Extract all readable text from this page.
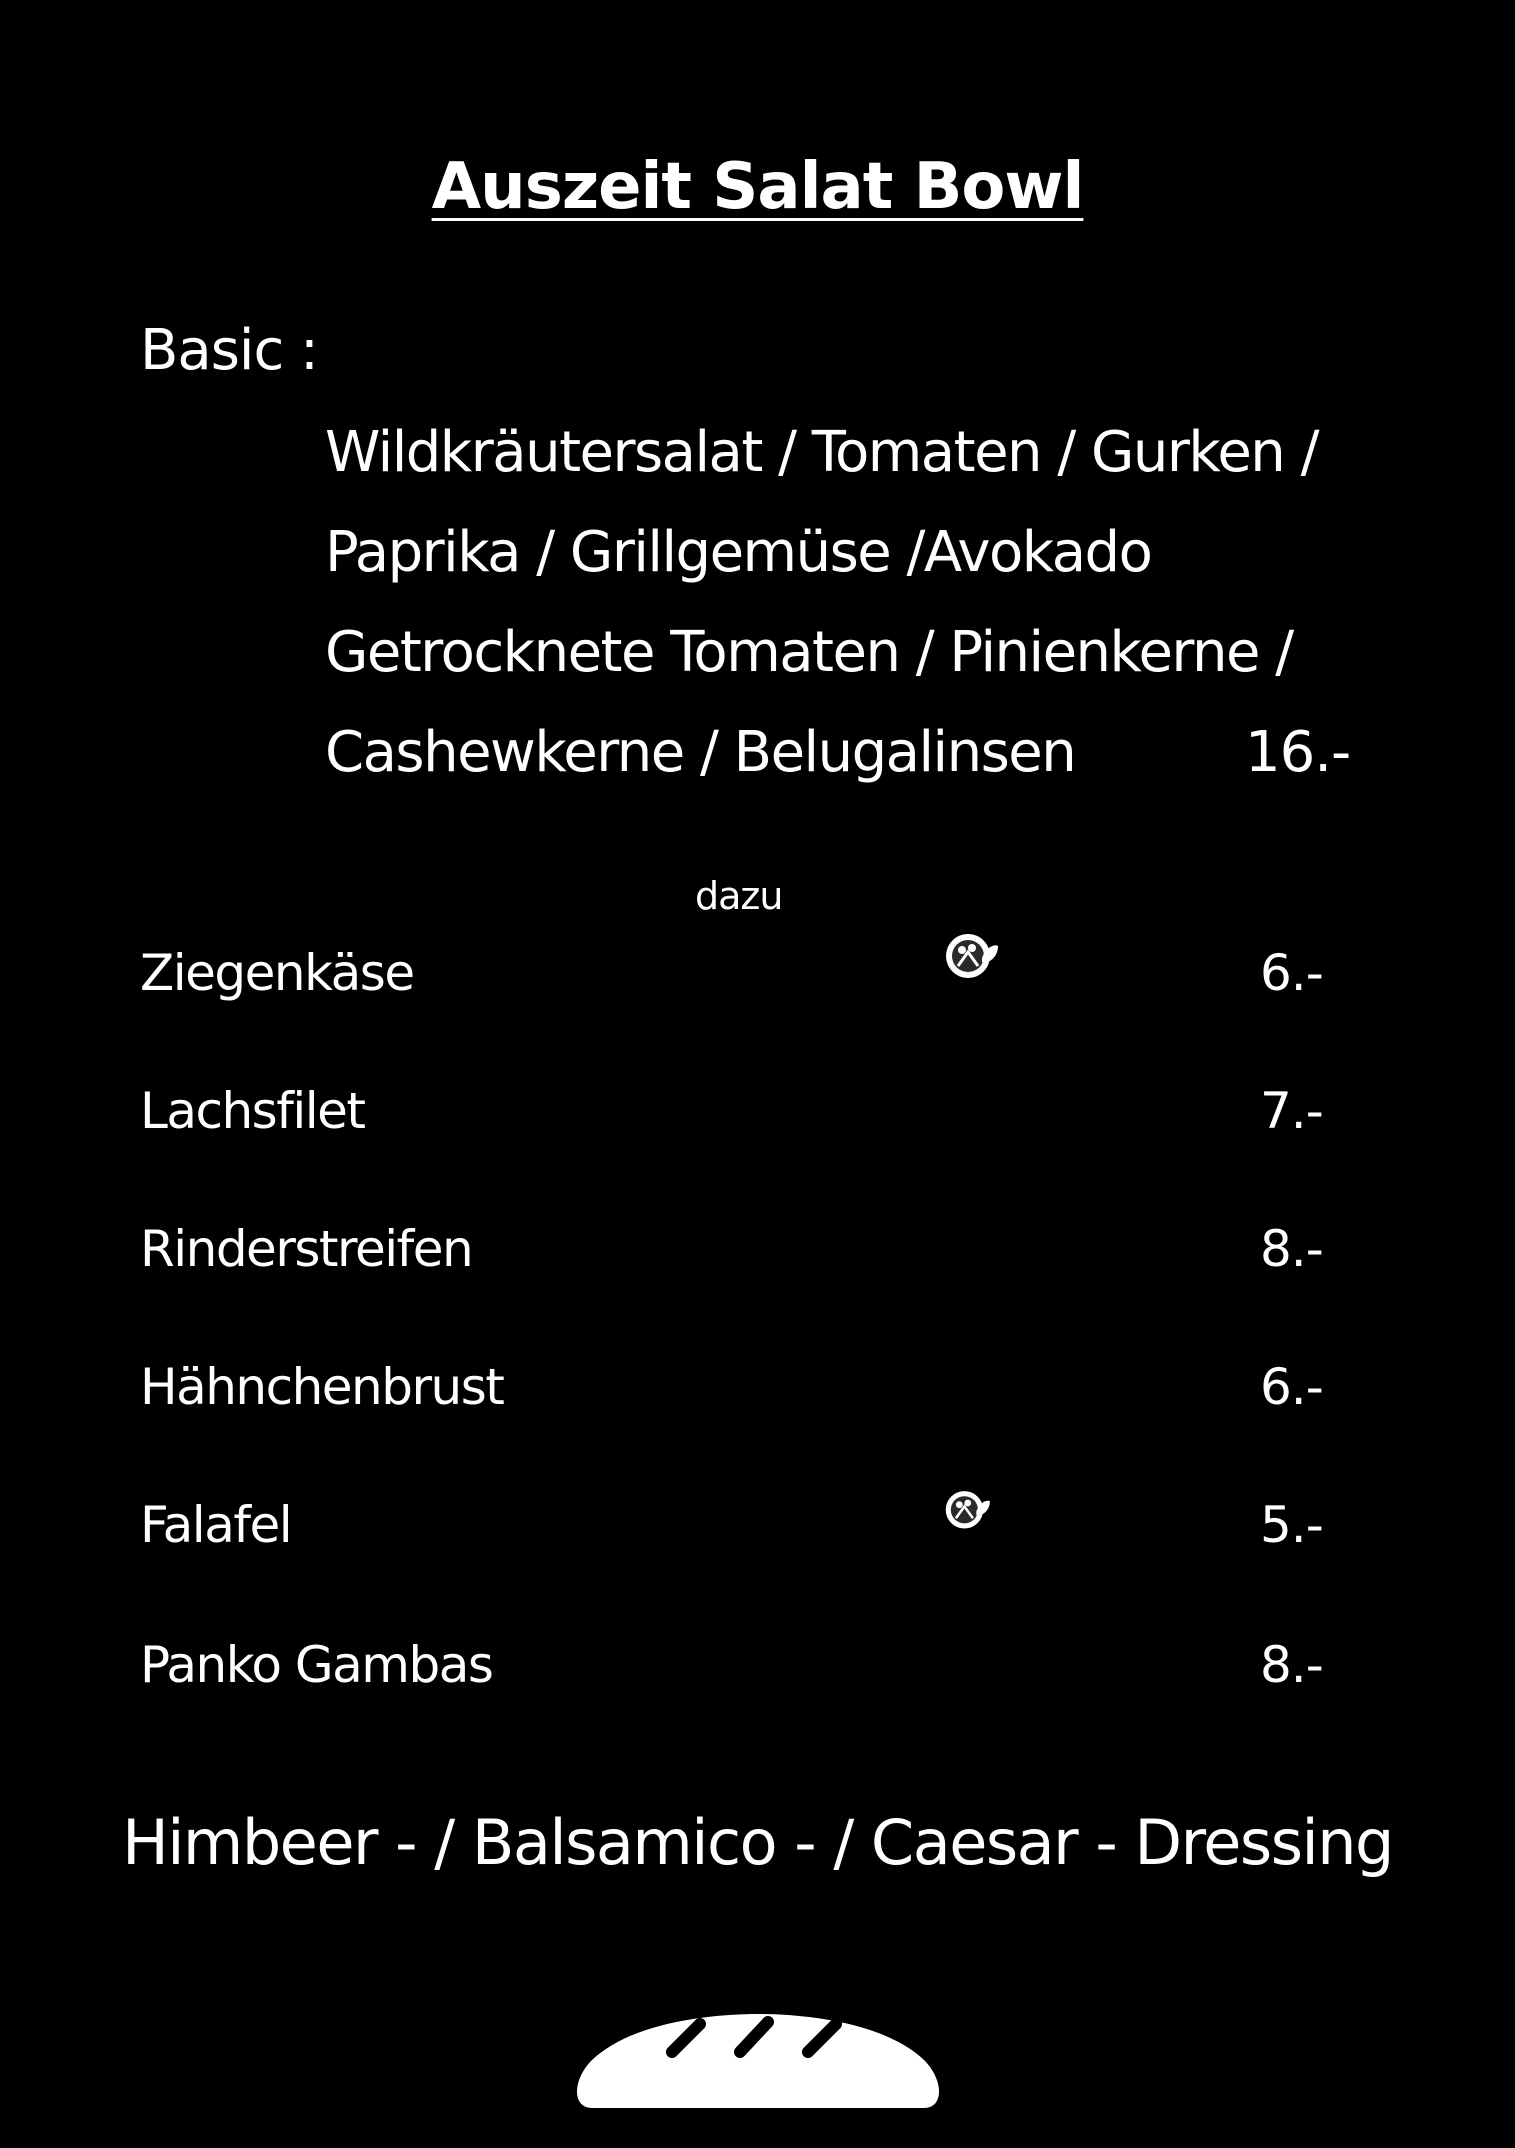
Auszeit Salat Bowl
Basic :
Wildkräutersalat / Tomaten / Gurken /
Paprika / Grillgemüse /Avokado
Getrocknete Tomaten / Pinienkerne /
Cashewkerne / Belugalinsen	16.-
dazu
Ziegenkäse	6.-
Lachsfilet	7.-
Rinderstreifen	8.-
Hähnchenbrust	6.-
Falafel	5.-
Panko Gambas	8.-
Himbeer - / Balsamico - / Caesar - Dressing
